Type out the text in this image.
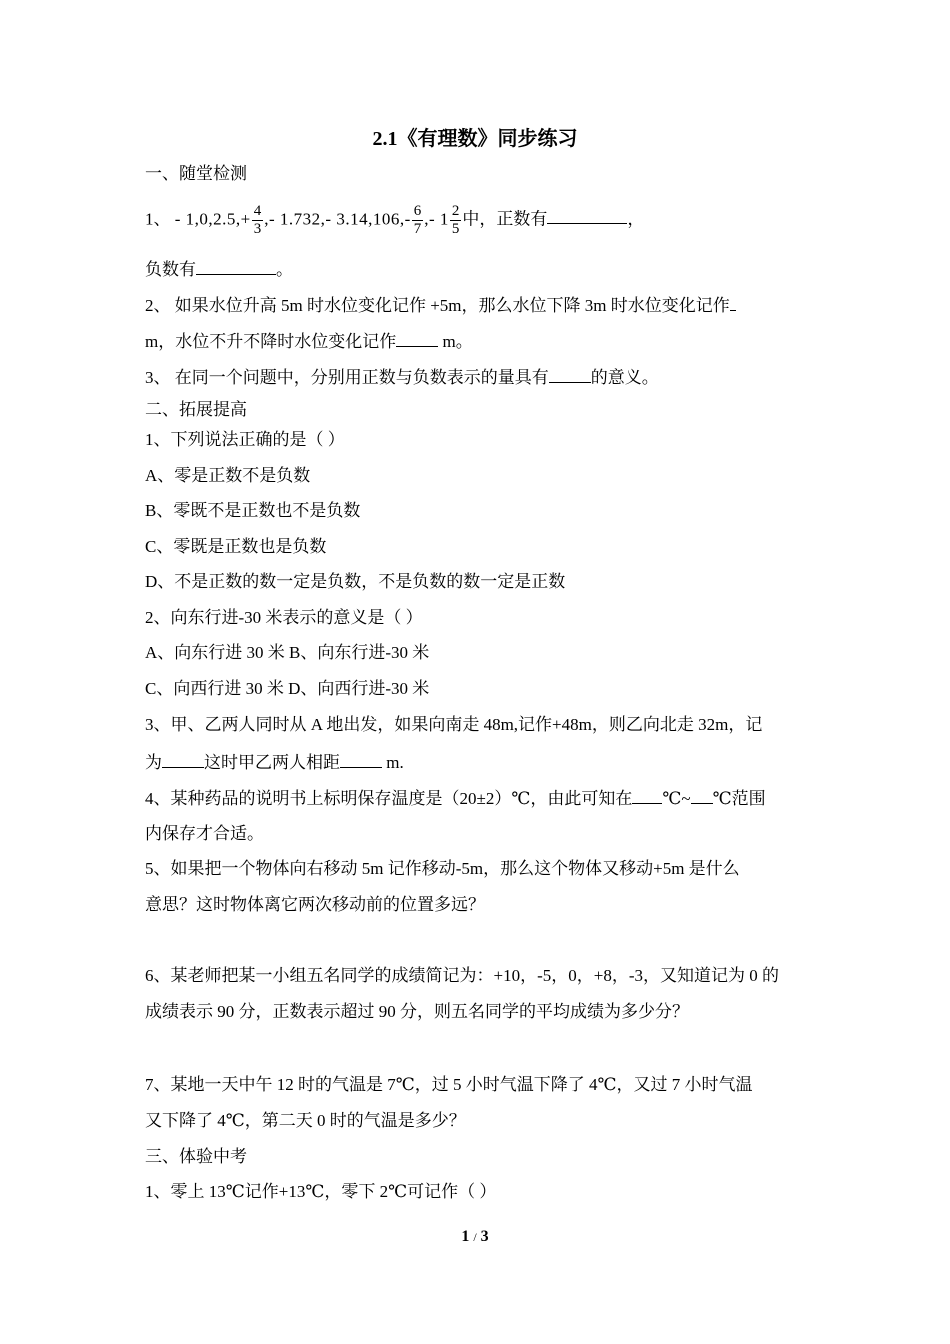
2.1《有理数》同步练习
一、随堂检测
1、 - $1,0,2.5,+ \frac{4}{3}$ ,- 1.732,- $3.14,106,- \frac{6}{7}$ ,- $1 \frac{2}{5}$ 中，正数有	，
负数有	。
2、 如果水位升高 5m 时水位变化记作 +5m，那么水位下降 3m 时水位变化记作
m，水位不升不降时水位变化记作 m。
3、 在同一个问题中，分别用正数与负数表示的量具有 的意义。
二、拓展提高
1、下列说法正确的是（ ）
A、零是正数不是负数
B、零既不是正数也不是负数
C、零既是正数也是负数
D、不是正数的数一定是负数，不是负数的数一定是正数
2、向东行进-30 米表示的意义是（ ）
A、向东行进 30 米 B、向东行进-30 米
C、向西行进 30 米 D、向西行进-30 米
3、甲、乙两人同时从 A 地出发，如果向南走 48m,记作+48m，则乙向北走 32m，记
为 这时甲乙两人相距 m.
4、某种药品的说明书上标明保存温度是（20±2）℃，由此可知在 ℃~ ℃范围
内保存才合适。
5、如果把一个物体向右移动 5m 记作移动-5m，那么这个物体又移动+5m 是什么
意思？这时物体离它两次移动前的位置多远？
6、某老师把某一小组五名同学的成绩简记为：+10，-5，0，+8，-3，又知道记为 0 的
成绩表示 90 分，正数表示超过 90 分，则五名同学的平均成绩为多少分？
7、某地一天中午 12 时的气温是 7℃，过 5 小时气温下降了 4℃，又过 7 小时气温
又下降了 4℃，第二天 0 时的气温是多少？
三、体验中考
1、零上 13℃记作+13℃，零下 2℃可记作（ ）
1 / 3
